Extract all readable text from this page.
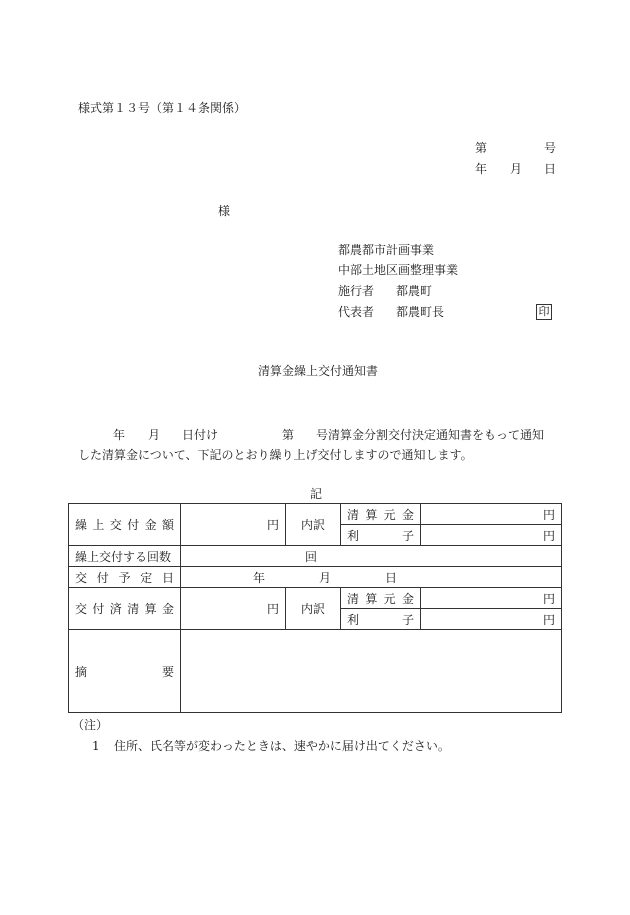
様式第１３号（第１４条関係）
第	号
年 月 日
様
都農都市計画事業
中部土地区画整理事業
施行者 都農町
代表者 都農町長	印
清算金繰上交付通知書
年 月 日付け	第 号清算金分割交付決定通知書をもって通知
した清算金について、下記のとおり繰り上げ交付しますので通知します。
記
繰上交付金額	円	内訳	清算元金	円

			利子	円
繰上交付する回数	回			

交付予定日	年 月 日			

交付済清算金	円	内訳	清算元金	円

			利子	円

摘要				

（注）
1 住所、氏名等が変わったときは、速やかに届け出てください。
